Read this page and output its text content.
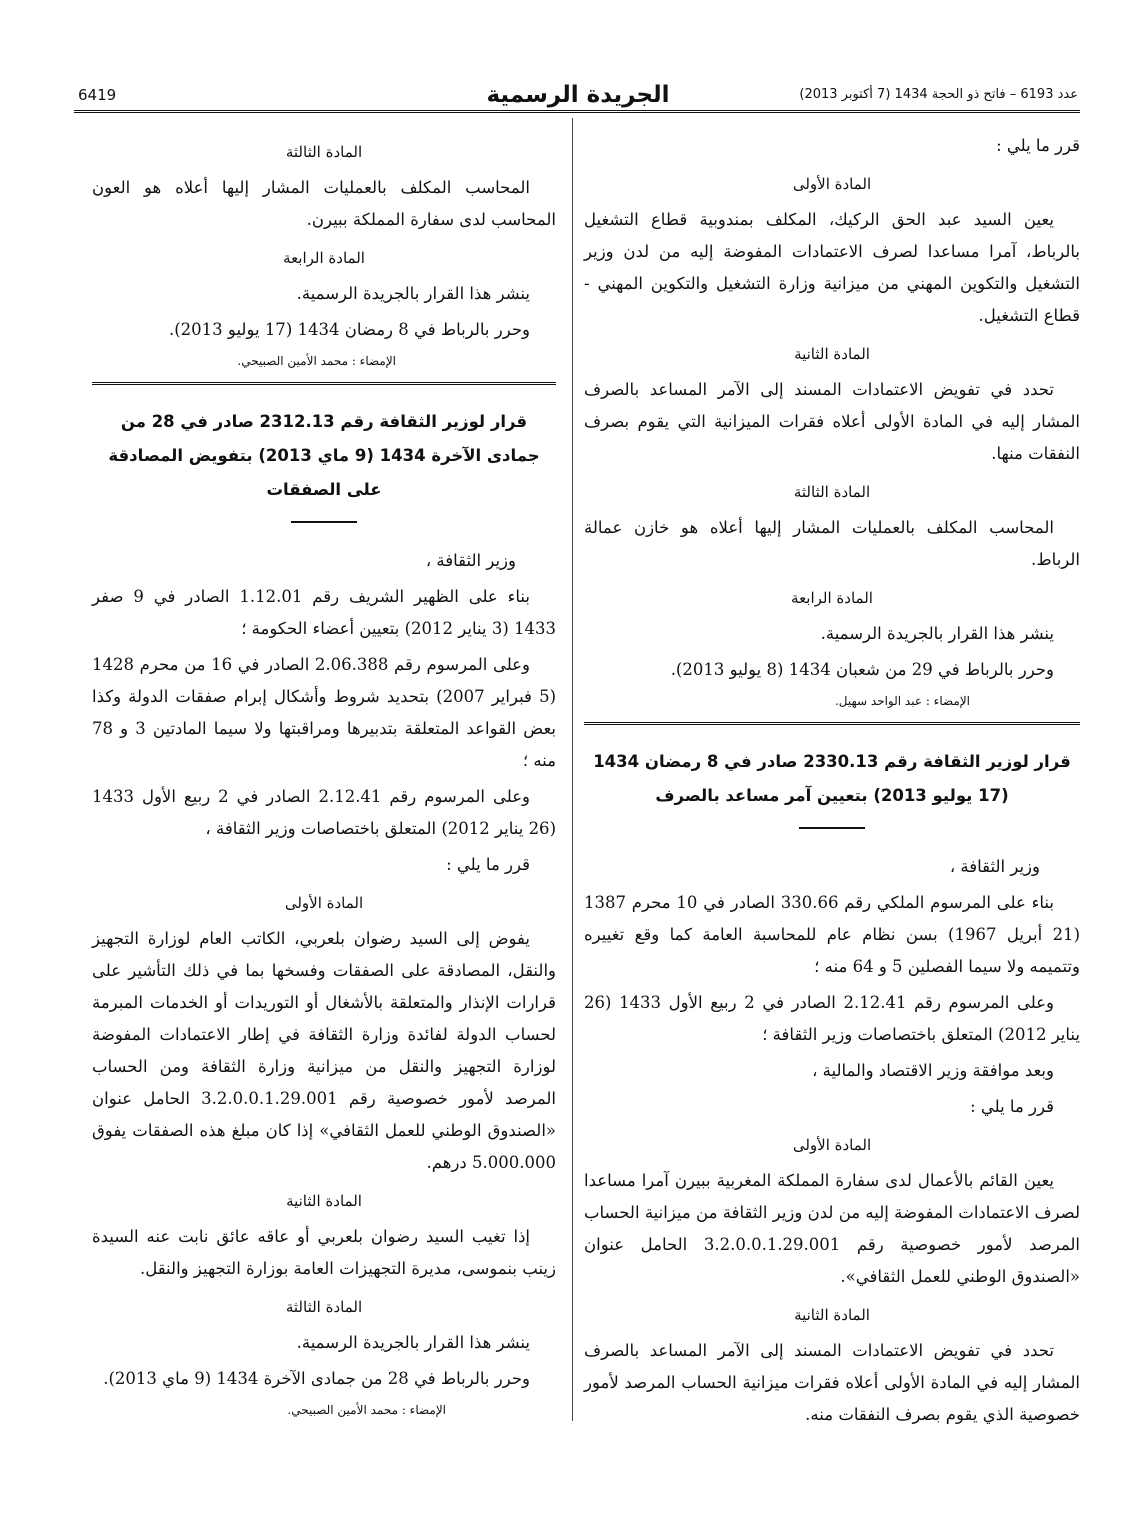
6419	الجريدة الرسمية	عدد 6193 – فاتح ذو الحجة 1434 (7 أكتوبر 2013)

قرر ما يلي :

المادة الأولى

يعين السيد عبد الحق الركيك، المكلف بمندوبية قطاع التشغيل بالرباط، آمرا مساعدا لصرف الاعتمادات المفوضة إليه من لدن وزير التشغيل والتكوين المهني من ميزانية وزارة التشغيل والتكوين المهني - قطاع التشغيل.

المادة الثانية

تحدد في تفويض الاعتمادات المسند إلى الآمر المساعد بالصرف المشار إليه في المادة الأولى أعلاه فقرات الميزانية التي يقوم بصرف النفقات منها.

المادة الثالثة

المحاسب المكلف بالعمليات المشار إليها أعلاه هو خازن عمالة الرباط.

المادة الرابعة

ينشر هذا القرار بالجريدة الرسمية.

وحرر بالرباط في 29 من شعبان 1434 (8 يوليو 2013).

الإمضاء : عبد الواحد سهيل.

قرار لوزير الثقافة رقم 2330.13 صادر في 8 رمضان 1434 (17 يوليو 2013) بتعيين آمر مساعد بالصرف

وزير الثقافة ،

بناء على المرسوم الملكي رقم 330.66 الصادر في 10 محرم 1387 (21 أبريل 1967) بسن نظام عام للمحاسبة العامة كما وقع تغييره وتتميمه ولا سيما الفصلين 5 و 64 منه ؛

وعلى المرسوم رقم 2.12.41 الصادر في 2 ربيع الأول 1433 (26 يناير 2012) المتعلق باختصاصات وزير الثقافة ؛

وبعد موافقة وزير الاقتصاد والمالية ،

قرر ما يلي :

المادة الأولى

يعين القائم بالأعمال لدى سفارة المملكة المغربية ببيرن آمرا مساعدا لصرف الاعتمادات المفوضة إليه من لدن وزير الثقافة من ميزانية الحساب المرصد لأمور خصوصية رقم 3.2.0.0.1.29.001 الحامل عنوان «الصندوق الوطني للعمل الثقافي».

المادة الثانية

تحدد في تفويض الاعتمادات المسند إلى الآمر المساعد بالصرف المشار إليه في المادة الأولى أعلاه فقرات ميزانية الحساب المرصد لأمور خصوصية الذي يقوم بصرف النفقات منه.

المادة الثالثة

المحاسب المكلف بالعمليات المشار إليها أعلاه هو العون المحاسب لدى سفارة المملكة ببيرن.

المادة الرابعة

ينشر هذا القرار بالجريدة الرسمية.

وحرر بالرباط في 8 رمضان 1434 (17 يوليو 2013).

الإمضاء : محمد الأمين الصبيحي.

قرار لوزير الثقافة رقم 2312.13 صادر في 28 من جمادى الآخرة 1434 (9 ماي 2013) بتفويض المصادقة على الصفقات

وزير الثقافة ،

بناء على الظهير الشريف رقم 1.12.01 الصادر في 9 صفر 1433 (3 يناير 2012) بتعيين أعضاء الحكومة ؛

وعلى المرسوم رقم 2.06.388 الصادر في 16 من محرم 1428 (5 فبراير 2007) بتحديد شروط وأشكال إبرام صفقات الدولة وكذا بعض القواعد المتعلقة بتدبيرها ومراقبتها ولا سيما المادتين 3 و 78 منه ؛

وعلى المرسوم رقم 2.12.41 الصادر في 2 ربيع الأول 1433 (26 يناير 2012) المتعلق باختصاصات وزير الثقافة ،

قرر ما يلي :

المادة الأولى

يفوض إلى السيد رضوان بلعربي، الكاتب العام لوزارة التجهيز والنقل، المصادقة على الصفقات وفسخها بما في ذلك التأشير على قرارات الإنذار والمتعلقة بالأشغال أو التوريدات أو الخدمات المبرمة لحساب الدولة لفائدة وزارة الثقافة في إطار الاعتمادات المفوضة لوزارة التجهيز والنقل من ميزانية وزارة الثقافة ومن الحساب المرصد لأمور خصوصية رقم 3.2.0.0.1.29.001 الحامل عنوان «الصندوق الوطني للعمل الثقافي» إذا كان مبلغ هذه الصفقات يفوق 5.000.000 درهم.

المادة الثانية

إذا تغيب السيد رضوان بلعربي أو عاقه عائق نابت عنه السيدة زينب بنموسى، مديرة التجهيزات العامة بوزارة التجهيز والنقل.

المادة الثالثة

ينشر هذا القرار بالجريدة الرسمية.

وحرر بالرباط في 28 من جمادى الآخرة 1434 (9 ماي 2013).

الإمضاء : محمد الأمين الصبيحي.
